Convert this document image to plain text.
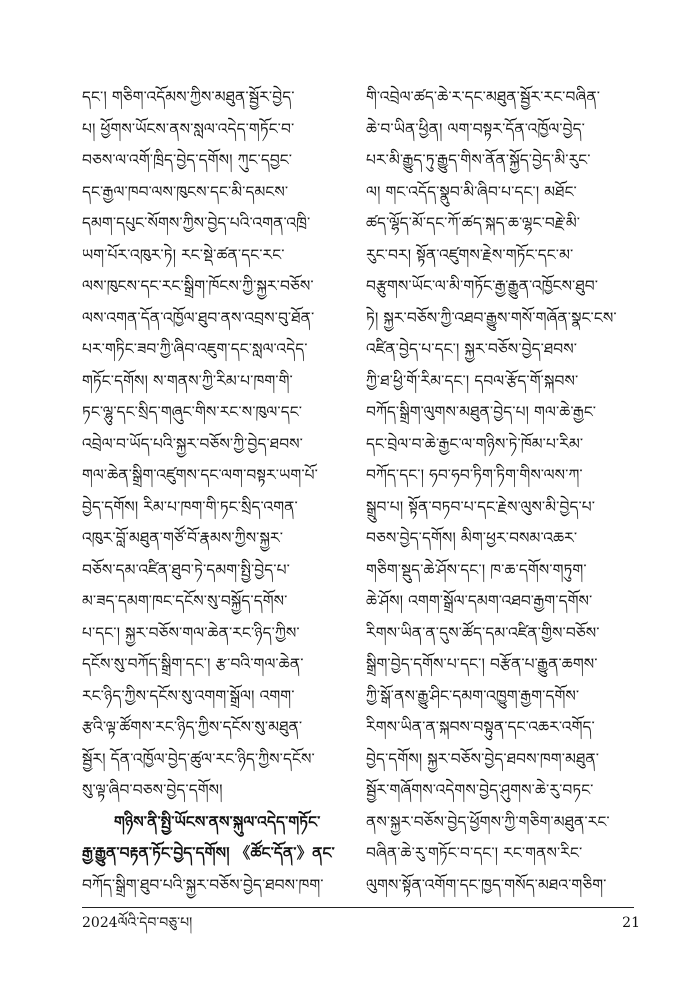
དང་། གཅིག་འདོམས་ཀྱིས་མཐུན་སྦྱོར་བྱེད་
པ། ཕྱོགས་ཡོངས་ནས་སླལ་འདེད་གཏོང་བ་
བཅས་ལ་འགོ་ཁྲིད་བྱེད་དགོས། ཀུང་དབྱང་
དང་རྒྱལ་ཁབ་ལས་ཁུངས་དང་མི་དམངས་
དམག་དཔུང་སོགས་ཀྱིས་བྱེད་པའི་འགན་འཁྲི་
ཡག་པོར་འཁུར་ཏེ། རང་སྡེ་ཚན་དང་རང་
ལས་ཁུངས་དང་རང་སྒྲིག་ཁོངས་ཀྱི་སྐྱར་བཅོས་
ལས་འགན་དོན་འཁྱོལ་ཐུབ་ནས་འབྲས་བུ་ཐོན་
པར་གཏིང་ཟབ་ཀྱི་ཞིབ་འཇུག་དང་སླལ་འདེད་
གཏོང་དགོས། ས་གནས་ཀྱི་རིམ་པ་ཁག་གི་
ཏང་ལྷུ་དང་སྲིད་གཞུང་གིས་རང་ས་ཁུལ་དང་
འབྲེལ་བ་ཡོད་པའི་སྐྱར་བཅོས་ཀྱི་བྱེད་ཐབས་
གལ་ཆེན་སྒྲིག་འཛུགས་དང་ལག་བསྟར་ཡག་པོ་
བྱེད་དགོས། རིམ་པ་ཁག་གི་ཏང་སྲིད་འགན་
འཁུར་བློ་མཐུན་གཙོ་བོ་རྣམས་ཀྱིས་སྐྱར་
བཅོས་དམ་འཛིན་ཐུབ་ཏེ་དམག་སྤྱི་བྱེད་པ་
མ་ཟད་དམག་ཁང་དངོས་སུ་བསྐྱོད་དགོས་
པ་དང་། སྐྱར་བཅོས་གལ་ཆེན་རང་ཉིད་ཀྱིས་
དངོས་སུ་བཀོད་སྒྲིག་དང་། རྩ་བའི་གལ་ཆེན་
རང་ཉིད་ཀྱིས་དངོས་སུ་འགག་སྒྲོལ། འགག་
རྩའི་ལྟ་ཚོགས་རང་ཉིད་ཀྱིས་དངོས་སུ་མཐུན་
སྦྱོར། དོན་འཁྱོལ་བྱེད་ཚུལ་རང་ཉིད་ཀྱིས་དངོས་
སུ་ལྟ་ཞིབ་བཅས་བྱེད་དགོས།
གཉིས་ནི་སྤྱི་ཡོངས་ནས་སྐུལ་འདེད་གཏོང་
རྒྱ་རྒྱུན་བརྟན་ཏོང་བྱེད་དགོས། 《ཚོང་དོན་》ནང་
བཀོད་སྒྲིག་ཐུབ་པའི་སྐྱར་བཅོས་བྱེད་ཐབས་ཁག་
གི་འབྲེལ་ཚད་ཆེ་ར་དང་མཐུན་སྦྱོར་རང་བཞིན་
ཆེ་བ་ཡིན་ཕྱིན། ལག་བསྟར་དོན་འཁྱོལ་བྱེད་
པར་མི་རྒྱུད་ཏུ་རྒྱུད་གིས་ནོན་སྐྱོད་བྱེད་མི་རུང་
ལ། གང་འདོད་སྣུབ་མི་ཞིབ་པ་དང་། མཐོང་
ཚད་ལྷོད་མོ་དང་ཀོ་ཚད་སྐད་ཆ་ལྷང་བརྗེ་མི་
རུང་བར། སྟོན་འཛུགས་རྗེས་གཏོང་དང་མ་
བརྩུགས་ཡོང་ལ་མི་གཏོང་རྒྱ་རྒྱུན་འཁྱོངས་ཐུབ་
ཏེ། སྐྱར་བཅོས་ཀྱི་འཐབ་རྒྱུས་གསོ་གཞོན་སྣང་ངས་
འཛིན་བྱེད་པ་དང་། སྐྱར་བཅོས་བྱེད་ཐབས་
ཀྱི་ཐ་ཕྱི་གོ་རིམ་དང་། དབལ་རྩོད་གོ་སྐབས་
བཀོད་སྒྲིག་ལུགས་མཐུན་བྱེད་པ། གལ་ཆེ་རྒྱང་
དང་བྲེལ་བ་ཆེ་རྒྱང་ལ་གཉིས་ཏེ་ཁོམ་པ་རིམ་
བཀོད་དང་། ཧབ་ཧབ་ཏིག་ཏིག་གིས་ལས་ཀ་
སྒྲུབ་པ། སྟོན་བཏབ་པ་དང་རྗེས་ལུས་མི་བྱེད་པ་
བཅས་བྱེད་དགོས། མིག་ཕྱར་བསམ་འཆར་
གཅིག་སྡུད་ཆེ་ཤོས་དང་། ཁ་ཆ་དགོས་གཏུག་
ཆེ་ཤོས། འགག་སྒྲོལ་དམག་འཐབ་རྒྱག་དགོས་
རིགས་ཡིན་ན་དུས་ཚོད་དམ་འཛིན་གྱིས་བཅོས་
སྒྲིག་བྱེད་དགོས་པ་དང་། བརྩོན་པ་རྒྱུན་ཆགས་
ཀྱི་སྒོ་ནས་རྒྱུ་ཤིང་དམག་འཁྱུག་རྒྱག་དགོས་
རིགས་ཡིན་ན་སྐབས་བསྟུན་དང་འཆར་འགོད་
བྱེད་དགོས། སྐྱར་བཅོས་བྱེད་ཐབས་ཁག་མཐུན་
སྦྱོར་གཞོགས་འདེགས་བྱེད་ཤུགས་ཆེ་རུ་བཏང་
ནས་སྐྱར་བཅོས་བྱེད་ཕྱོགས་ཀྱི་གཅིག་མཐུན་རང་
བཞིན་ཆེ་རུ་གཏོང་བ་དང་། རང་གནས་རིང་
ལུགས་སྟོན་འགོག་དང་ཁྱད་གསོད་མཐའ་གཅིག་
2024ལོའི་དེབ་བཅུ་པ།	21
